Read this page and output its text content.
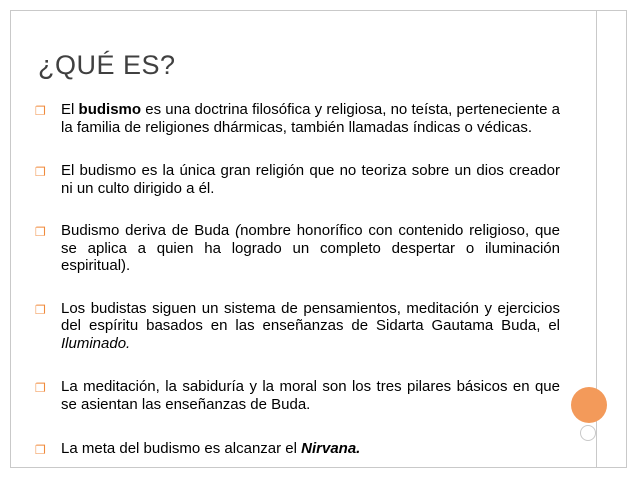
¿QUÉ ES?
❐ El budismo es una doctrina filosófica y religiosa, no teísta, perteneciente a la familia de religiones dhármicas, también llamadas índicas o védicas.
❐ El budismo es la única gran religión que no teoriza sobre un dios creador ni un culto dirigido a él.
❐ Budismo deriva de Buda (nombre honorífico con contenido religioso, que se aplica a quien ha logrado un completo despertar o iluminación espiritual).
❐ Los budistas siguen un sistema de pensamientos, meditación y ejercicios del espíritu basados en las enseñanzas de Sidarta Gautama Buda, el Iluminado.
❐ La meditación, la sabiduría y la moral son los tres pilares básicos en que se asientan las enseñanzas de Buda.
❐ La meta del budismo es alcanzar el Nirvana.
